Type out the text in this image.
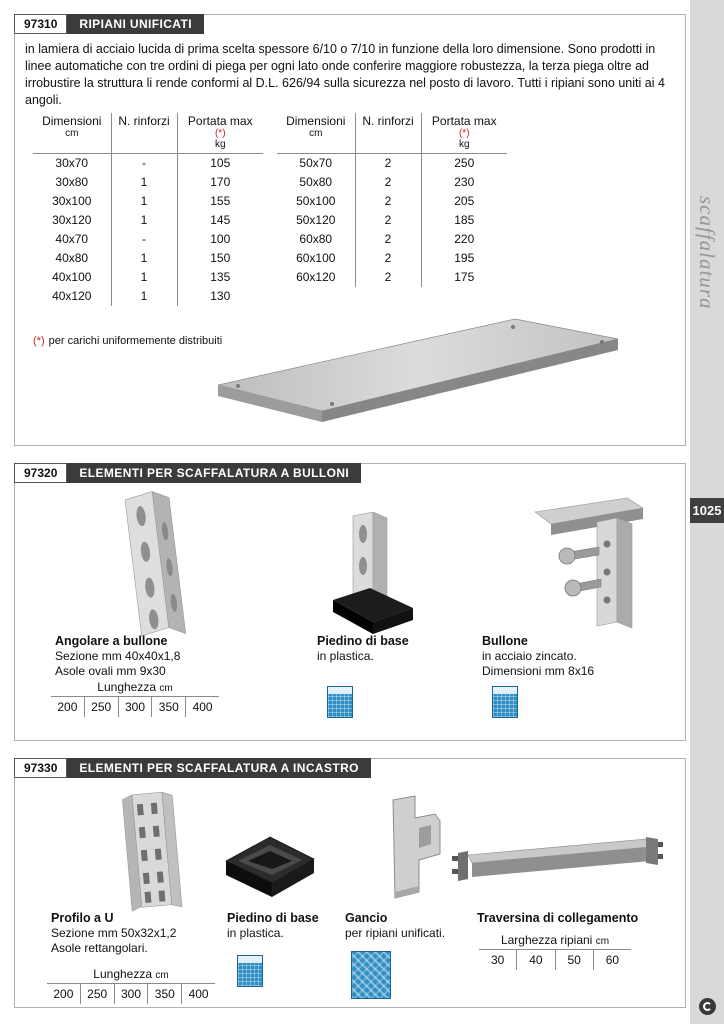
97310	RIPIANI UNIFICATI

in lamiera di acciaio lucida di prima scelta spessore 6/10 o 7/10 in funzione della loro dimensione. Sono prodotti in linee automatiche con tre ordini di piega per ogni lato onde conferire maggiore robustezza, la terza piega oltre ad irrobustire la struttura li rende conformi al D.L. 626/94 sulla sicurezza nel posto di lavoro. Tutti i ripiani sono uniti ai 4 angoli.

Dimensioni
cm	N. rinforzi	Portata max
(*)
kg

30x70	-	105
30x80	1	170
30x100	1	155
30x120	1	145
40x70	-	100
40x80	1	150
40x100	1	135
40x120	1	130
Dimensioni
cm	N. rinforzi	Portata max
(*)
kg

50x70	2	250
50x80	2	230
50x100	2	205
50x120	2	185
60x80	2	220
60x100	2	195
60x120	2	175
(*) per carichi uniformemente distribuiti
97320	ELEMENTI PER SCAFFALATURA A BULLONI
Angolare a bullone
Sezione mm 40x40x1,8
Asole ovali mm 9x30
Lunghezza cm
200	250	300	350	400
Piedino di base
in plastica.
Bullone
in acciaio zincato.
Dimensioni mm 8x16
97330	ELEMENTI PER SCAFFALATURA A INCASTRO
Profilo a U
Sezione mm 50x32x1,2
Asole rettangolari.
Lunghezza cm
200	250	300	350	400
Piedino di base
in plastica.
Gancio
per ripiani unificati.
Traversina di collegamento
Larghezza ripiani cm
30	40	50	60
scaffalatura
1025
